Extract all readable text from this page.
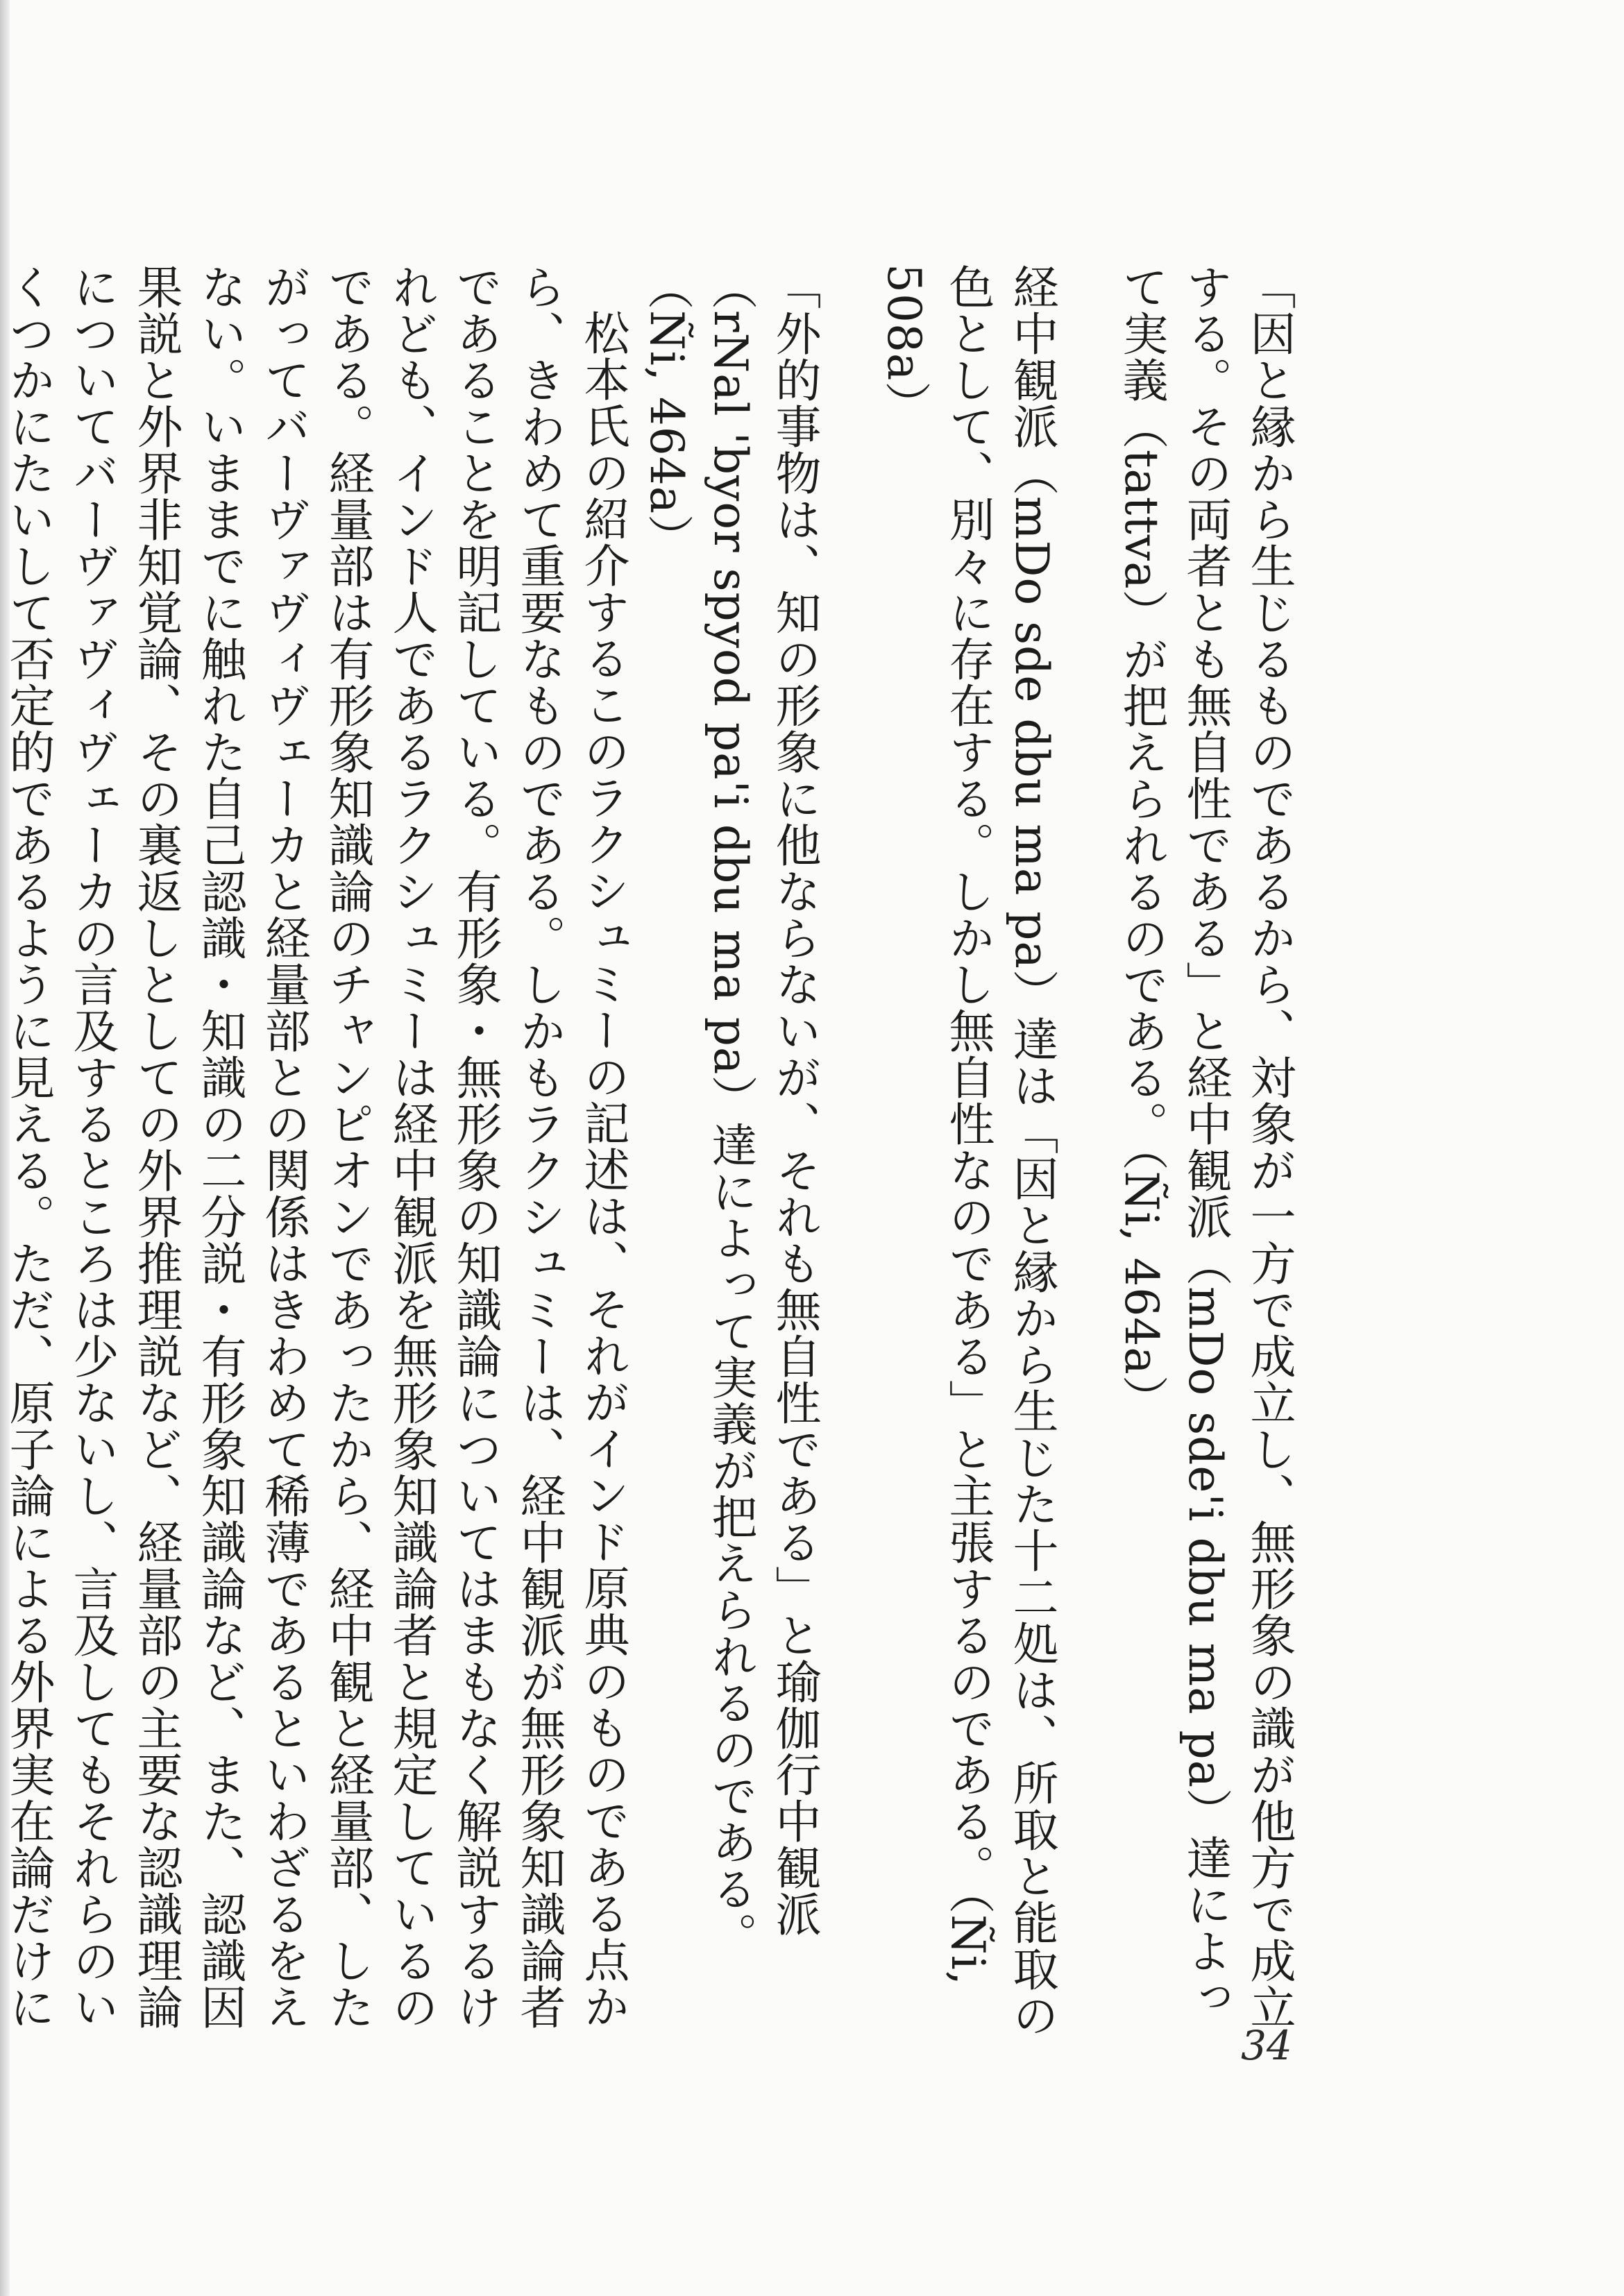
「因と縁から生じるものであるから、対象が一方で成立し、無形象の識が他方で成立する。その両者とも無自性である」と経中観派（mDo sde'i dbu ma pa）達によって実義（tattva）が把えられるのである。（Ñi, 464a）

経中観派（mDo sde dbu ma pa）達は「因と縁から生じた十二処は、所取と能取の色として、別々に存在する。しかし無自性なのである」と主張するのである。（Ñi, 508a）

「外的事物は、知の形象に他ならないが、それも無自性である」と瑜伽行中観派（rNal 'byor spyod pa'i dbu ma pa）達によって実義が把えられるのである。（Ñi, 464a）

松本氏の紹介するこのラクシュミーの記述は、それがインド原典のものである点から、きわめて重要なものである。しかもラクシュミーは、経中観派が無形象知識論者であることを明記している。有形象・無形象の知識論についてはまもなく解説するけれども、インド人であるラクシュミーは経中観派を無形象知識論者と規定しているのである。経量部は有形象知識論のチャンピオンであったから、経中観と経量部、したがってバーヴァヴィヴェーカと経量部との関係はきわめて稀薄であるといわざるをえない。いままでに触れた自己認識・知識の二分説・有形象知識論など、また、認識因果説と外界非知覚論、その裏返しとしての外界推理説など、経量部の主要な認識理論についてバーヴァヴィヴェーカの言及するところは少ないし、言及してもそれらのいくつかにたいして否定的であるように見える。ただ、原子論による外界実在論だけに

34
